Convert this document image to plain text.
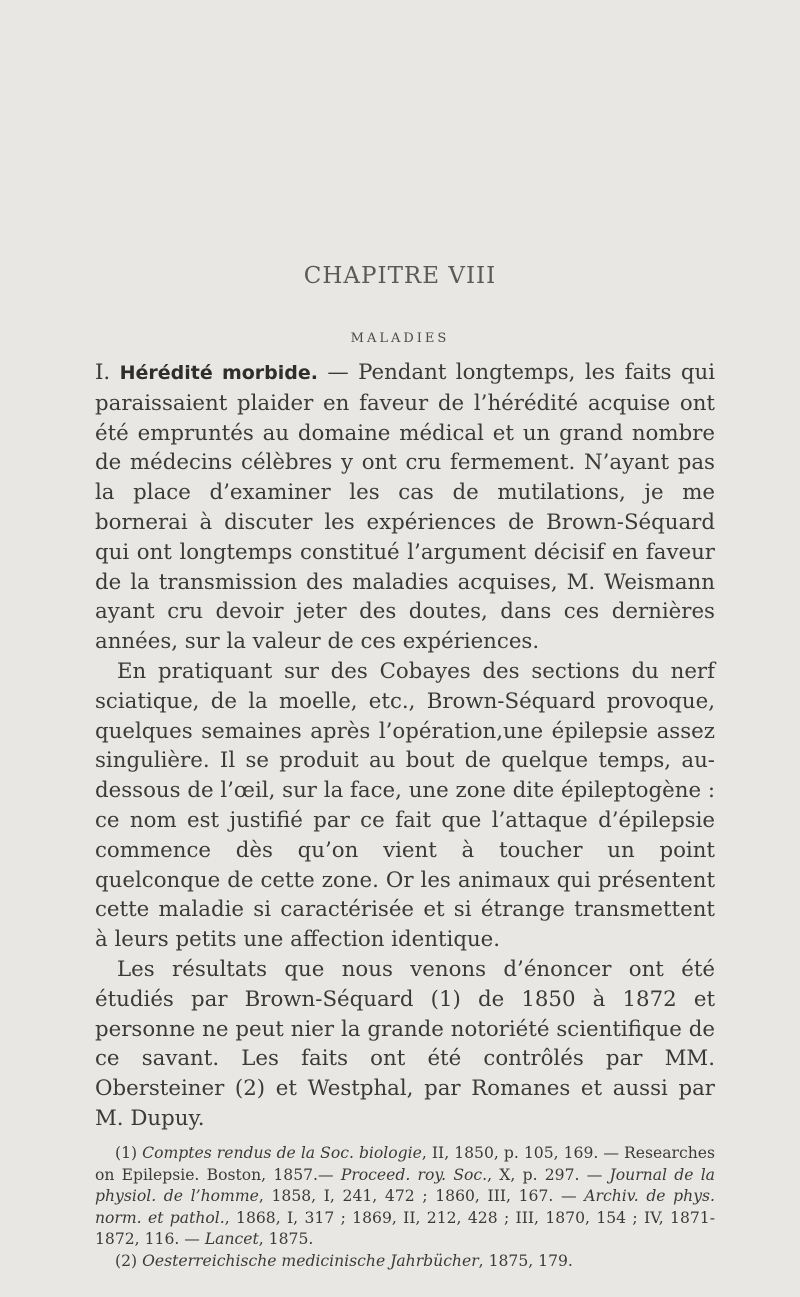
CHAPITRE VIII
MALADIES

I. Hérédité morbide. — Pendant longtemps, les faits qui paraissaient plaider en faveur de l’hérédité acquise ont été empruntés au domaine médical et un grand nombre de médecins célèbres y ont cru fermement. N’ayant pas la place d’examiner les cas de mutilations, je me bornerai à discuter les expériences de Brown-Séquard qui ont longtemps constitué l’argument décisif en faveur de la transmission des maladies acquises, M. Weismann ayant cru devoir jeter des doutes, dans ces dernières années, sur la valeur de ces expériences.

En pratiquant sur des Cobayes des sections du nerf sciatique, de la moelle, etc., Brown-Séquard provoque, quelques semaines après l’opération,une épilepsie assez singulière. Il se produit au bout de quelque temps, au-dessous de l’œil, sur la face, une zone dite épileptogène : ce nom est justifié par ce fait que l’attaque d’épilepsie commence dès qu’on vient à toucher un point quelconque de cette zone. Or les animaux qui présentent cette maladie si caractérisée et si étrange transmettent à leurs petits une affection identique.

Les résultats que nous venons d’énoncer ont été étudiés par Brown-Séquard (1) de 1850 à 1872 et personne ne peut nier la grande notoriété scientifique de ce savant. Les faits ont été contrôlés par MM. Obersteiner (2) et Westphal, par Romanes et aussi par M. Dupuy.

(1) Comptes rendus de la Soc. biologie, II, 1850, p. 105, 169. — Researches on Epilepsie. Boston, 1857.— Proceed. roy. Soc., X, p. 297. — Journal de la physiol. de l’homme, 1858, I, 241, 472 ; 1860, III, 167. — Archiv. de phys. norm. et pathol., 1868, I, 317 ; 1869, II, 212, 428 ; III, 1870, 154 ; IV, 1871-1872, 116. — Lancet, 1875.

(2) Oesterreichische medicinische Jahrbücher, 1875, 179.
